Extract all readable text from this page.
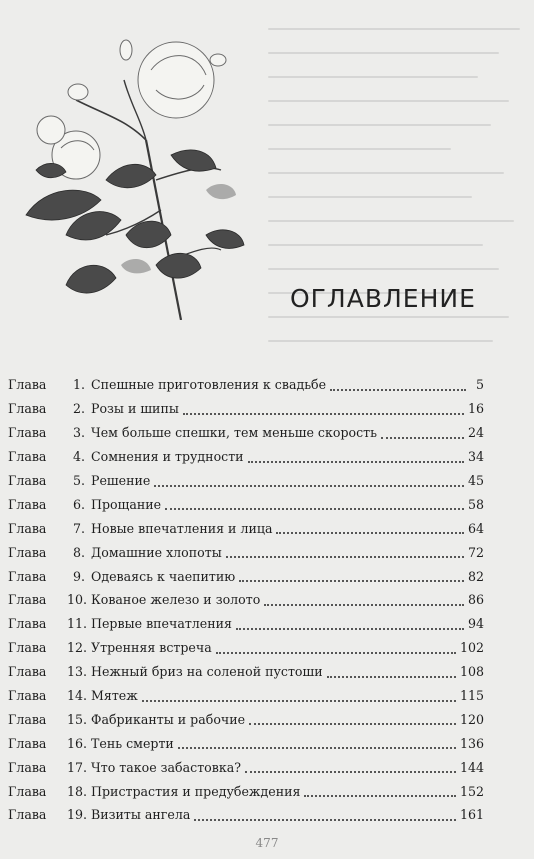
ОГЛАВЛЕНИЕ
Глава	1. Спешные приготовления к свадьбе	5
Глава	2. Розы и шипы	16
Глава	3. Чем больше спешки, тем меньше скорость	24
Глава	4. Сомнения и трудности	34
Глава	5. Решение	45
Глава	6. Прощание	58
Глава	7. Новые впечатления и лица	64
Глава	8. Домашние хлопоты	72
Глава	9. Одеваясь к чаепитию	82
Глава	10. Кованое железо и золото	86
Глава	11. Первые впечатления	94
Глава	12. Утренняя встреча	102
Глава	13. Нежный бриз на соленой пустоши	108
Глава	14. Мятеж	115
Глава	15. Фабриканты и рабочие	120
Глава	16. Тень смерти	136
Глава	17. Что такое забастовка?	144
Глава	18. Пристрастия и предубеждения	152
Глава	19. Визиты ангела	161
477
